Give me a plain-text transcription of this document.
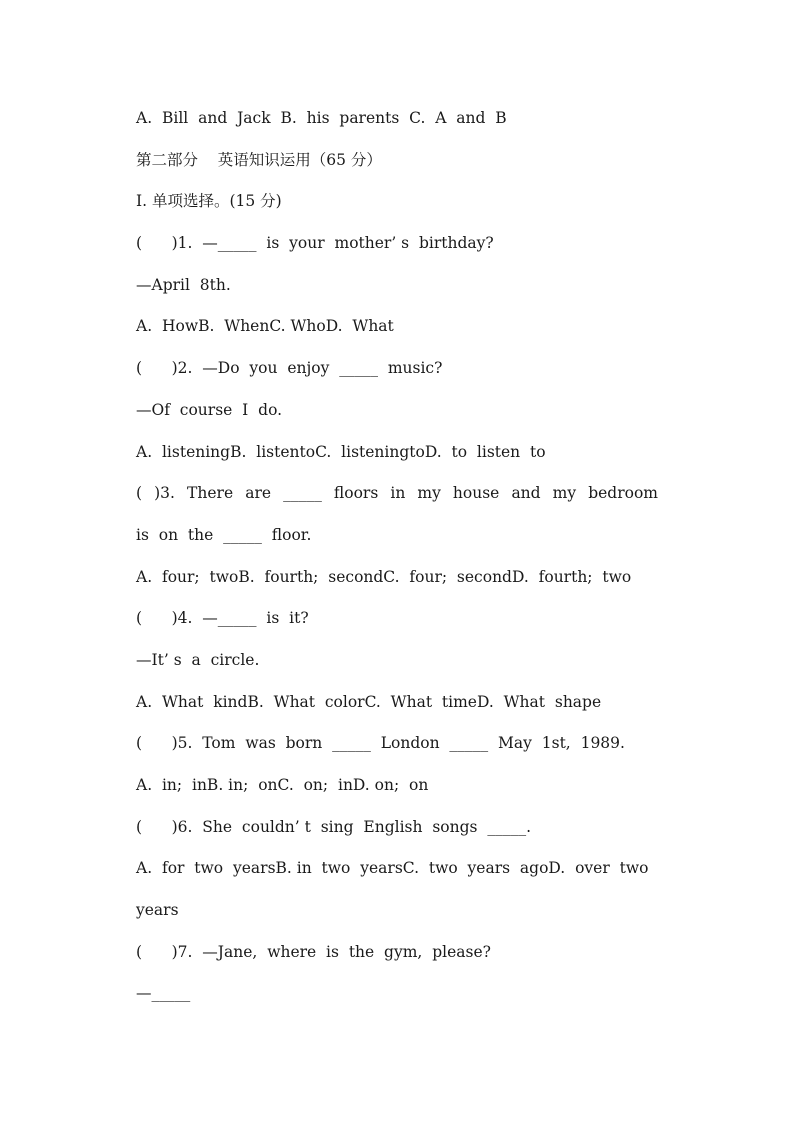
A.  Bill  and  Jack  B.  his  parents  C.  A  and  B
第二部分    英语知识运用（65 分）
Ⅰ. 单项选择。(15 分)
(      )1.  —_____  is  your  mother’ s  birthday?
—April  8th.
A.  HowB.  WhenC. WhoD.  What
(      )2.  —Do  you  enjoy  _____  music?
—Of  course  I  do.
A.  listeningB.  listentoC.  listeningtoD.  to  listen  to
( )3. There are _____ floors in my house and my bedroom
is  on  the  _____  floor.
A.  four;  twoB.  fourth;  secondC.  four;  secondD.  fourth;  two
(      )4.  —_____  is  it?
—It’ s  a  circle.
A.  What  kindB.  What  colorC.  What  timeD.  What  shape
(      )5.  Tom  was  born  _____  London  _____  May  1st,  1989.
A.  in;  inB. in;  onC.  on;  inD. on;  on
(      )6.  She  couldn’ t  sing  English  songs  _____.
A.  for  two  yearsB. in  two  yearsC.  two  years  agoD.  over  two
years
(      )7.  —Jane,  where  is  the  gym,  please?
—_____
